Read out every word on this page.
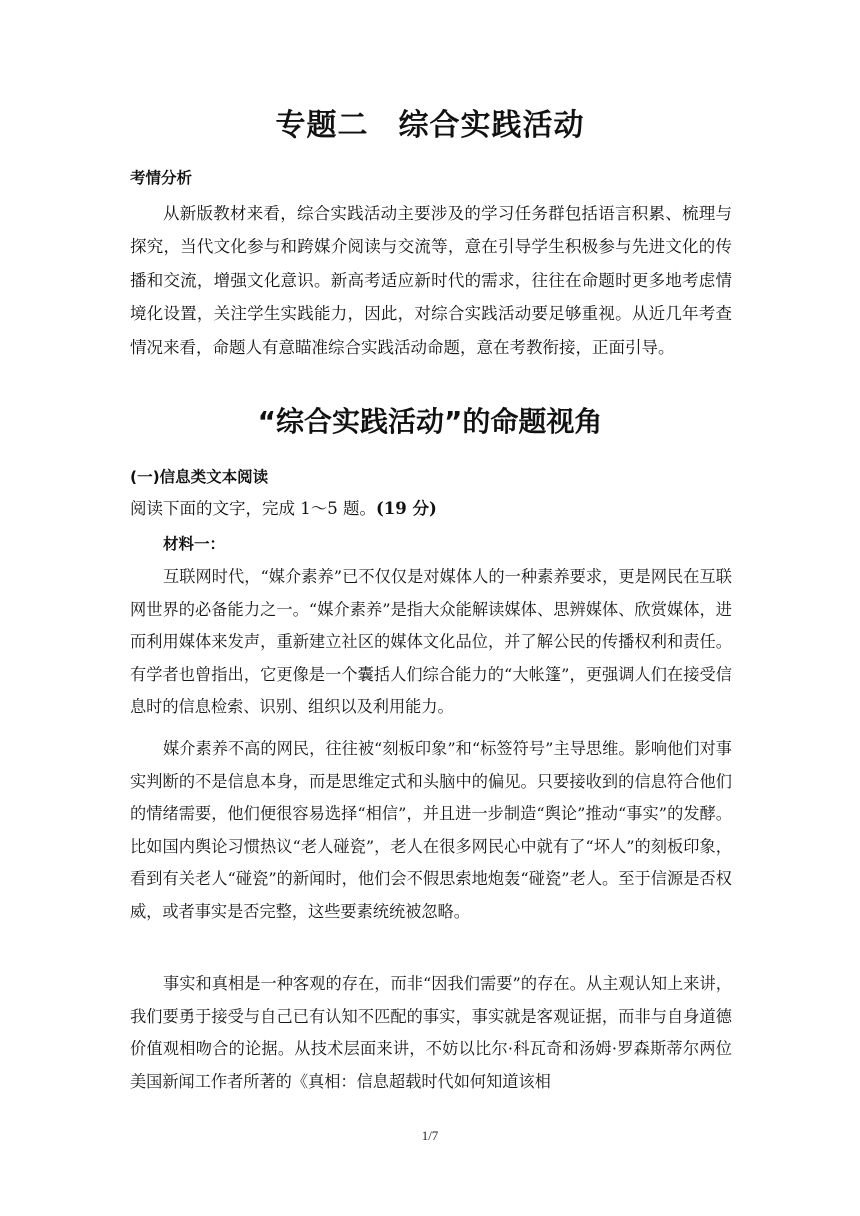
专题二 综合实践活动
考情分析

从新版教材来看，综合实践活动主要涉及的学习任务群包括语言积累、梳理与探究，当代文化参与和跨媒介阅读与交流等，意在引导学生积极参与先进文化的传播和交流，增强文化意识。新高考适应新时代的需求，往往在命题时更多地考虑情境化设置，关注学生实践能力，因此，对综合实践活动要足够重视。从近几年考查情况来看，命题人有意瞄准综合实践活动命题，意在考教衔接，正面引导。

“综合实践活动”的命题视角
(一)信息类文本阅读
阅读下面的文字，完成 1～5 题。(19 分)
材料一：

互联网时代，“媒介素养”已不仅仅是对媒体人的一种素养要求，更是网民在互联网世界的必备能力之一。“媒介素养”是指大众能解读媒体、思辨媒体、欣赏媒体，进而利用媒体来发声，重新建立社区的媒体文化品位，并了解公民的传播权利和责任。有学者也曾指出，它更像是一个囊括人们综合能力的“大帐篷”，更强调人们在接受信息时的信息检索、识别、组织以及利用能力。

媒介素养不高的网民，往往被“刻板印象”和“标签符号”主导思维。影响他们对事实判断的不是信息本身，而是思维定式和头脑中的偏见。只要接收到的信息符合他们的情绪需要，他们便很容易选择“相信”，并且进一步制造“舆论”推动“事实”的发酵。比如国内舆论习惯热议“老人碰瓷”，老人在很多网民心中就有了“坏人”的刻板印象，看到有关老人“碰瓷”的新闻时，他们会不假思索地炮轰“碰瓷”老人。至于信源是否权威，或者事实是否完整，这些要素统统被忽略。

事实和真相是一种客观的存在，而非“因我们需要”的存在。从主观认知上来讲，我们要勇于接受与自己已有认知不匹配的事实，事实就是客观证据，而非与自身道德价值观相吻合的论据。从技术层面来讲，不妨以比尔·科瓦奇和汤姆·罗森斯蒂尔两位美国新闻工作者所著的《真相：信息超载时代如何知道该相

1/7
